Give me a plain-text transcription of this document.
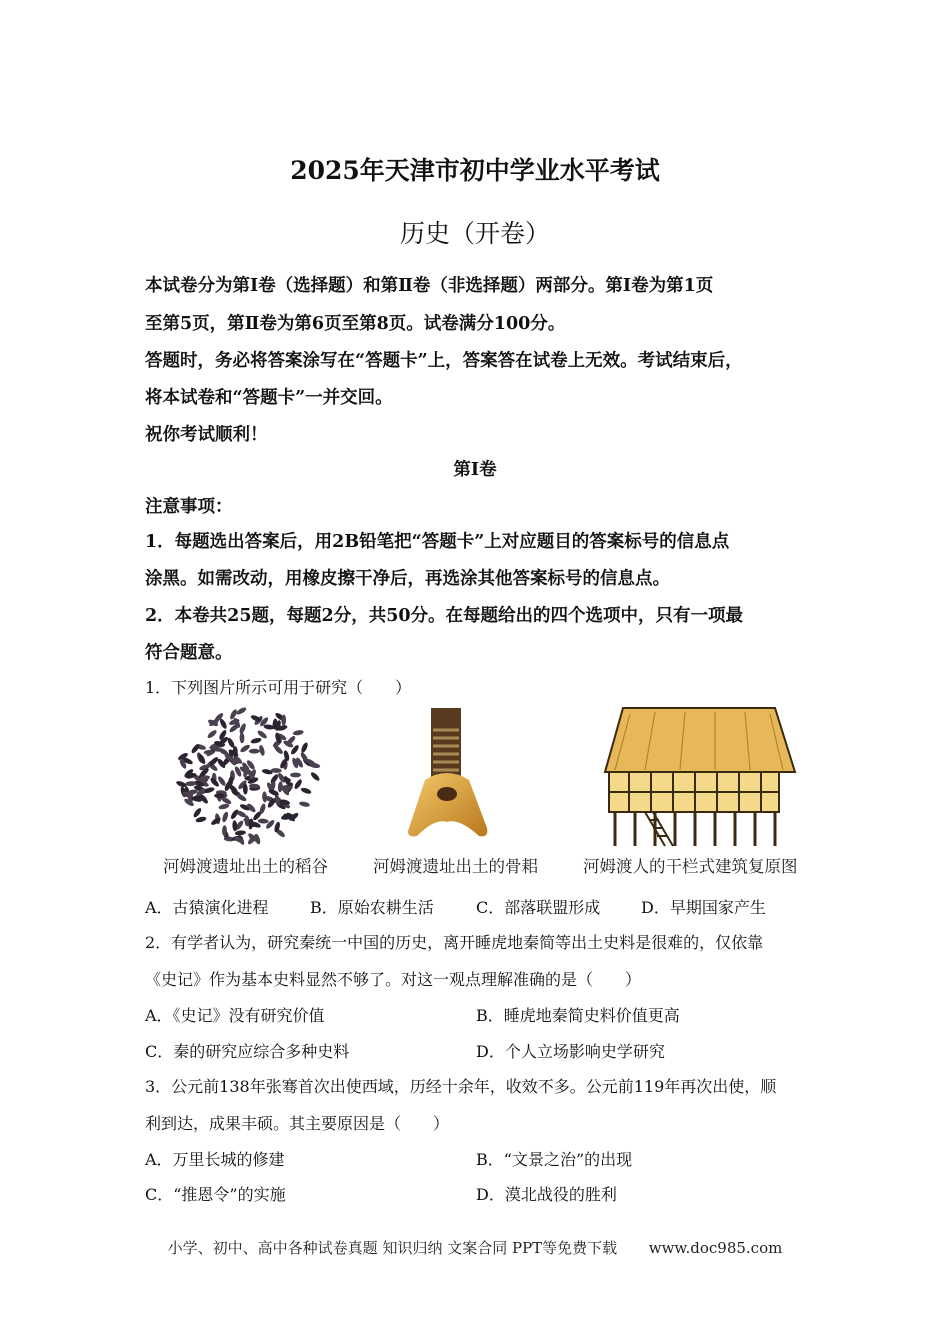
2025年天津市初中学业水平考试
历史（开卷）
本试卷分为第Ⅰ卷（选择题）和第Ⅱ卷（非选择题）两部分。第Ⅰ卷为第1页
至第5页，第Ⅱ卷为第6页至第8页。试卷满分100分。
答题时，务必将答案涂写在“答题卡”上，答案答在试卷上无效。考试结束后，
将本试卷和“答题卡”一并交回。
祝你考试顺利！
第Ⅰ卷
注意事项：
1．每题选出答案后，用2B铅笔把“答题卡”上对应题目的答案标号的信息点
涂黑。如需改动，用橡皮擦干净后，再选涂其他答案标号的信息点。
2．本卷共25题，每题2分，共50分。在每题给出的四个选项中，只有一项最
符合题意。
1．下列图片所示可用于研究（　　）
河姆渡遗址出土的稻谷	河姆渡遗址出土的骨耜	河姆渡人的干栏式建筑复原图
A．古猿演化进程	B．原始农耕生活	C．部落联盟形成	D．早期国家产生
2．有学者认为，研究秦统一中国的历史，离开睡虎地秦简等出土史料是很难的，仅依靠
《史记》作为基本史料显然不够了。对这一观点理解准确的是（　　）
A．《史记》没有研究价值	B．睡虎地秦简史料价值更高
C．秦的研究应综合多种史料	D．个人立场影响史学研究
3．公元前138年张骞首次出使西域，历经十余年，收效不多。公元前119年再次出使，顺
利到达，成果丰硕。其主要原因是（　　）
A．万里长城的修建	B．“文景之治”的出现
C．“推恩令”的实施	D．漠北战役的胜利
小学、初中、高中各种试卷真题 知识归纳 文案合同 PPT等免费下载 www.doc985.com
